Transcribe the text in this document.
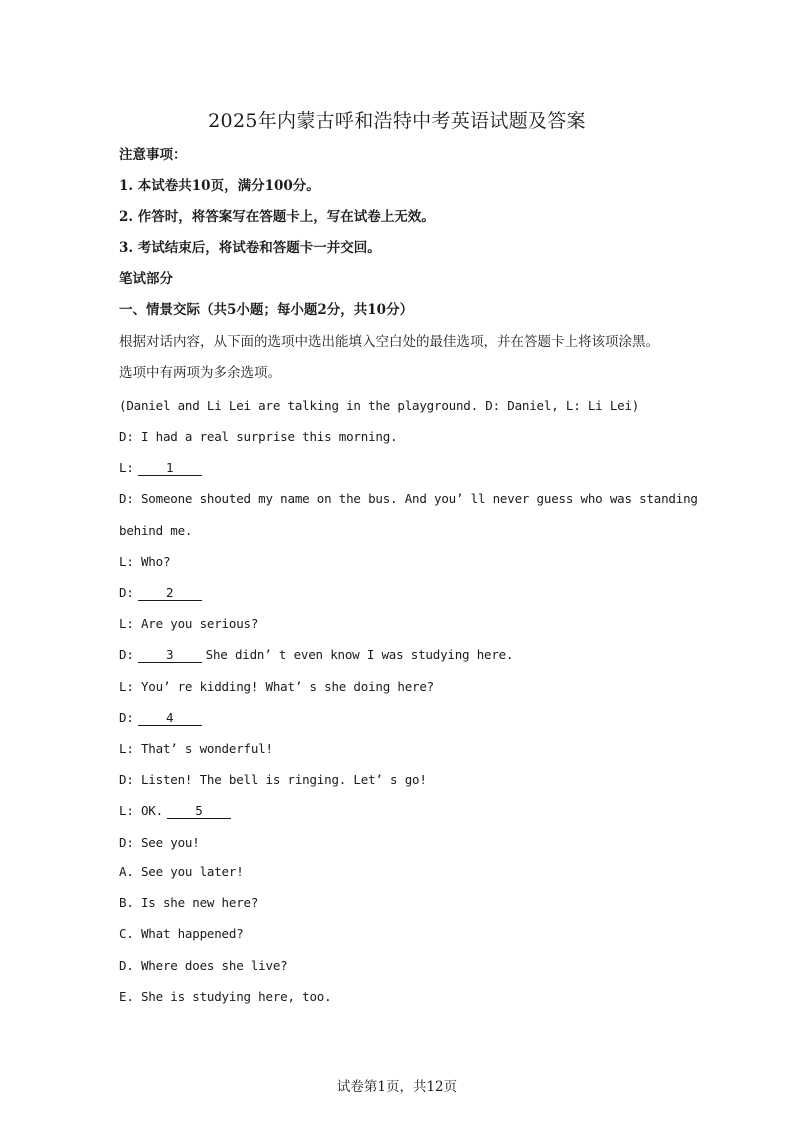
2025年内蒙古呼和浩特中考英语试题及答案
注意事项：
1. 本试卷共10页，满分100分。
2. 作答时，将答案写在答题卡上，写在试卷上无效。
3. 考试结束后，将试卷和答题卡一并交回。
笔试部分
一、情景交际（共5小题；每小题2分，共10分）
根据对话内容，从下面的选项中选出能填入空白处的最佳选项，并在答题卡上将该项涂黑。
选项中有两项为多余选项。
(Daniel and Li Lei are talking in the playground. D: Daniel, L: Li Lei)
D: I had a real surprise this morning.
L:	1
D: Someone shouted my name on the bus. And you’ ll never guess who was standing
behind me.
L: Who?
D:	2
L: Are you serious?
D:	3	She didn’ t even know I was studying here.
L: You’ re kidding! What’ s she doing here?
D:	4
L: That’ s wonderful!
D: Listen! The bell is ringing. Let’ s go!
L: OK.	5
D: See you!
A. See you later!
B. Is she new here?
C. What happened?
D. Where does she live?
E. She is studying here, too.
试卷第1页，共12页
